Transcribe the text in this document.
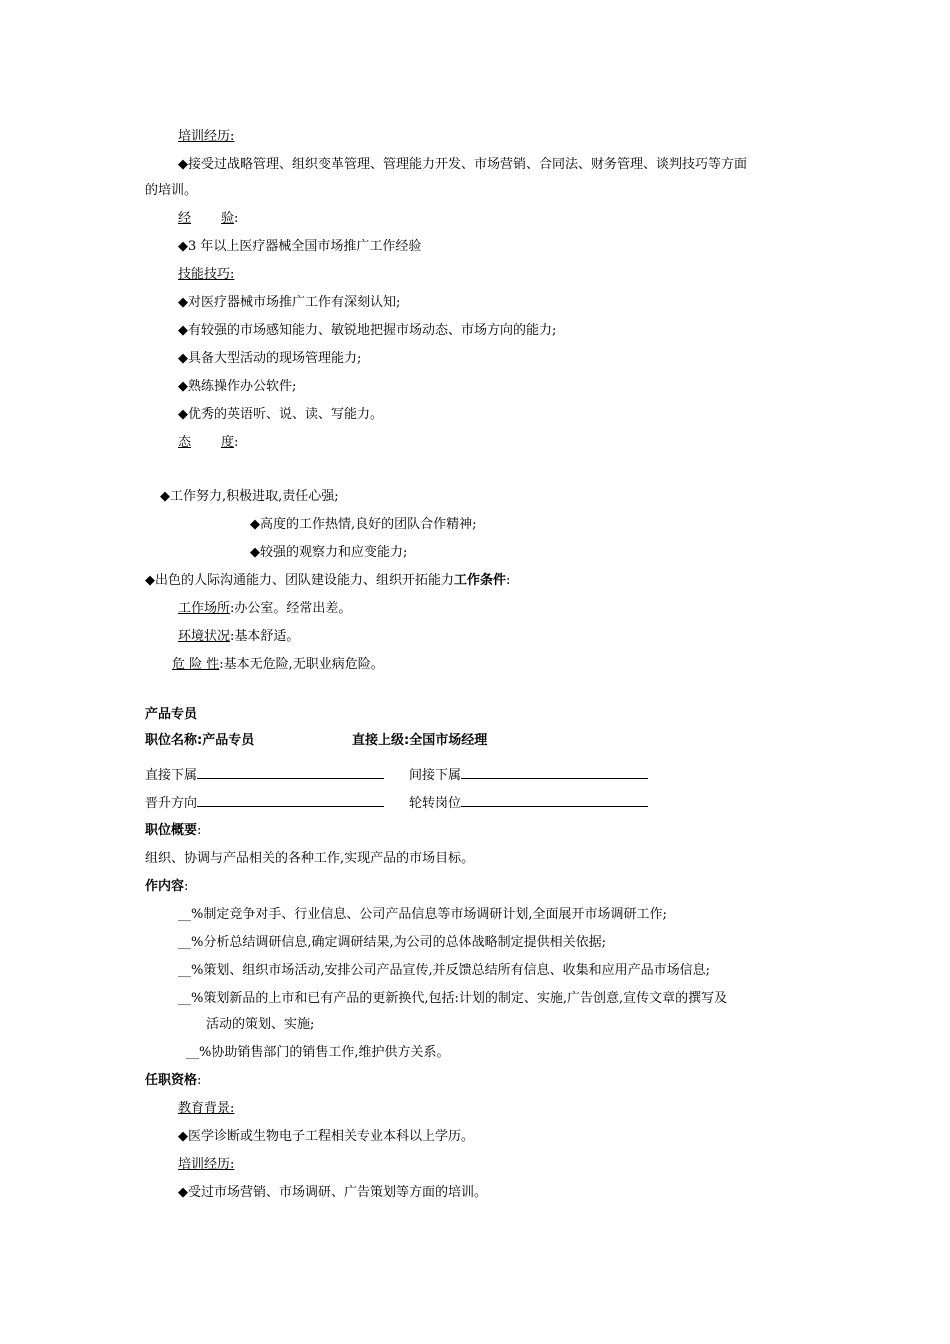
培训经历:
◆接受过战略管理、组织变革管理、管理能力开发、市场营销、合同法、财务管理、谈判技巧等方面
的培训。
经 验:
◆3 年以上医疗器械全国市场推广工作经验
技能技巧:
◆对医疗器械市场推广工作有深刻认知;
◆有较强的市场感知能力、敏锐地把握市场动态、市场方向的能力;
◆具备大型活动的现场管理能力;
◆熟练操作办公软件;
◆优秀的英语听、说、读、写能力。
态 度:
◆工作努力,积极进取,责任心强;
◆高度的工作热情,良好的团队合作精神;
◆较强的观察力和应变能力;
◆出色的人际沟通能力、团队建设能力、组织开拓能力工作条件:
工作场所:办公室。经常出差。
环境状况:基本舒适。
危 险 性:基本无危险,无职业病危险。
产品专员
职位名称:产品专员	直接上级:全国市场经理
直接下属	间接下属
晋升方向	轮转岗位
职位概要:
组织、协调与产品相关的各种工作,实现产品的市场目标。
作内容:
__%制定竞争对手、行业信息、公司产品信息等市场调研计划,全面展开市场调研工作;
__%分析总结调研信息,确定调研结果,为公司的总体战略制定提供相关依据;
__%策划、组织市场活动,安排公司产品宣传,并反馈总结所有信息、收集和应用产品市场信息;
__%策划新品的上市和已有产品的更新换代,包括:计划的制定、实施,广告创意,宣传文章的撰写及
活动的策划、实施;
__%协助销售部门的销售工作,维护供方关系。
任职资格:
教育背景:
◆医学诊断或生物电子工程相关专业本科以上学历。
培训经历:
◆受过市场营销、市场调研、广告策划等方面的培训。
